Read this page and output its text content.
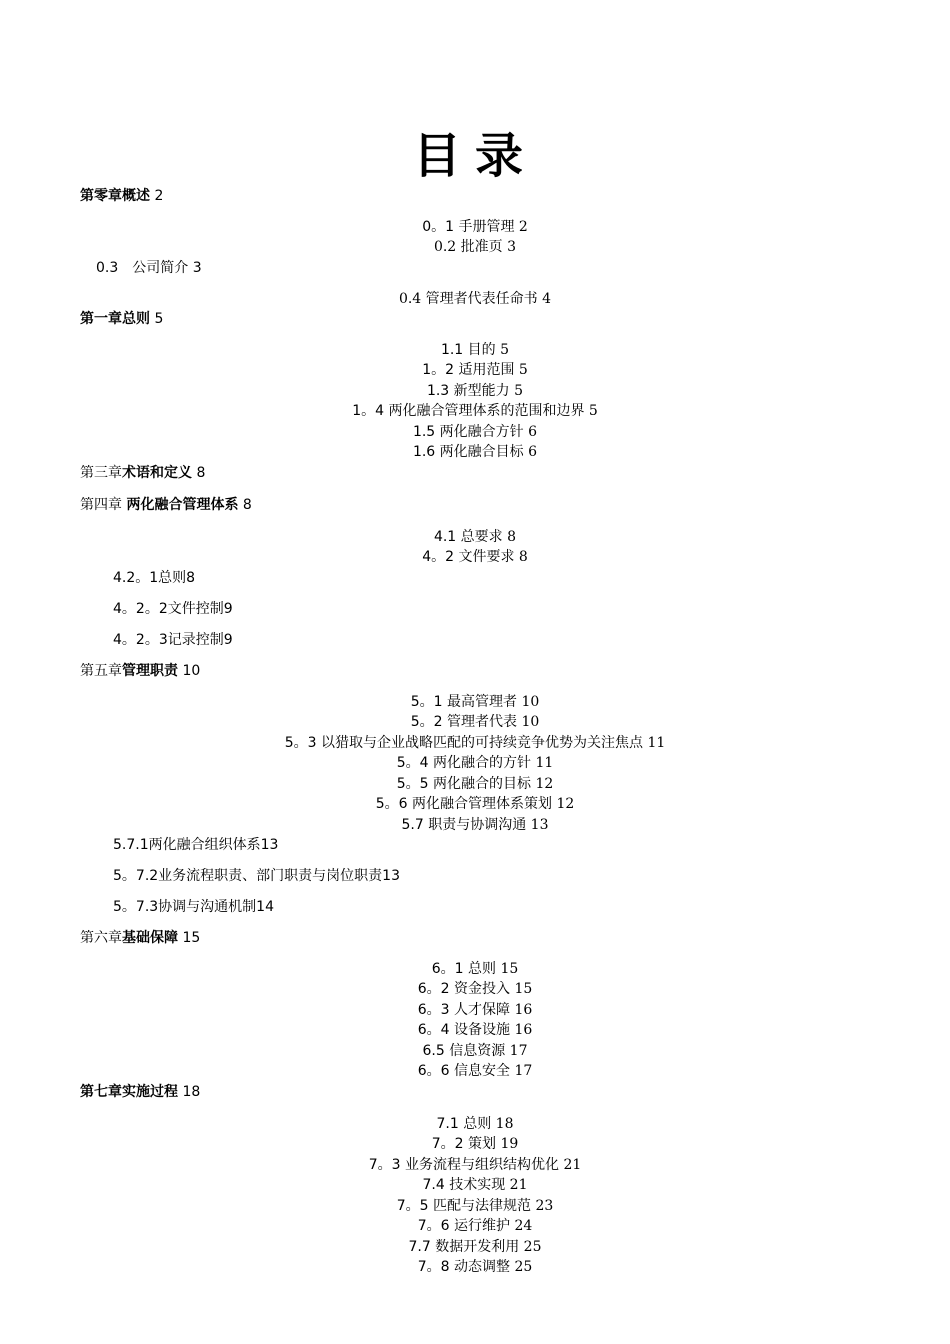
目录
第零章概述 2
0。1 手册管理 2
0.2 批准页 3
0.3　公司简介 3
0.4 管理者代表任命书 4
第一章总则 5
1.1 目的 5
1。2 适用范围 5
1.3 新型能力 5
1。4 两化融合管理体系的范围和边界 5
1.5 两化融合方针 6
1.6 两化融合目标 6
第三章术语和定义 8
第四章 两化融合管理体系 8
4.1 总要求 8
4。2 文件要求 8
4.2。1总则8
4。2。2文件控制9
4。2。3记录控制9
第五章管理职责 10
5。1 最高管理者 10
5。2 管理者代表 10
5。3 以猎取与企业战略匹配的可持续竞争优势为关注焦点 11
5。4 两化融合的方针 11
5。5 两化融合的目标 12
5。6 两化融合管理体系策划 12
5.7 职责与协调沟通 13
5.7.1两化融合组织体系13
5。7.2业务流程职责、部门职责与岗位职责13
5。7.3协调与沟通机制14
第六章基础保障 15
6。1 总则 15
6。2 资金投入 15
6。3 人才保障 16
6。4 设备设施 16
6.5 信息资源 17
6。6 信息安全 17
第七章实施过程 18
7.1 总则 18
7。2 策划 19
7。3 业务流程与组织结构优化 21
7.4 技术实现 21
7。5 匹配与法律规范 23
7。6 运行维护 24
7.7 数据开发利用 25
7。8 动态调整 25
